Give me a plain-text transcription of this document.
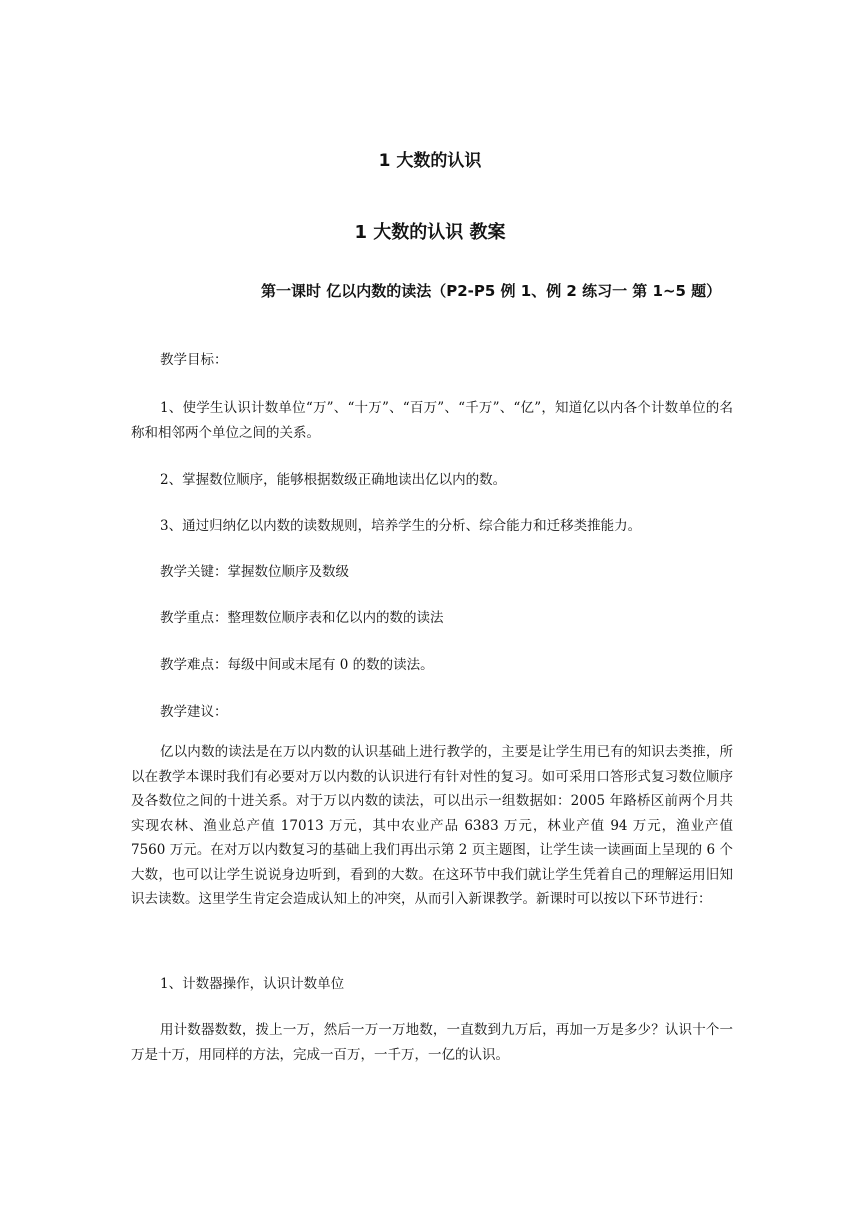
1 大数的认识
1 大数的认识 教案

第一课时 亿以内数的读法（P2-P5 例 1、例 2 练习一 第 1~5 题）

教学目标：

1、使学生认识计数单位“万”、“十万”、“百万”、“千万”、“亿”，知道亿以内各个计数单位的名称和相邻两个单位之间的关系。

2、掌握数位顺序，能够根据数级正确地读出亿以内的数。

3、通过归纳亿以内数的读数规则，培养学生的分析、综合能力和迁移类推能力。

教学关键：掌握数位顺序及数级

教学重点：整理数位顺序表和亿以内的数的读法

教学难点：每级中间或末尾有 0 的数的读法。

教学建议：

亿以内数的读法是在万以内数的认识基础上进行教学的，主要是让学生用已有的知识去类推，所以在教学本课时我们有必要对万以内数的认识进行有针对性的复习。如可采用口答形式复习数位顺序及各数位之间的十进关系。对于万以内数的读法，可以出示一组数据如：2005 年路桥区前两个月共实现农林、渔业总产值 17013 万元，其中农业产品 6383 万元，林业产值 94 万元，渔业产值 7560 万元。在对万以内数复习的基础上我们再出示第 2 页主题图，让学生读一读画面上呈现的 6 个大数，也可以让学生说说身边听到，看到的大数。在这环节中我们就让学生凭着自己的理解运用旧知识去读数。这里学生肯定会造成认知上的冲突，从而引入新课教学。新课时可以按以下环节进行：

1、计数器操作，认识计数单位

用计数器数数，拨上一万，然后一万一万地数，一直数到九万后，再加一万是多少？认识十个一万是十万，用同样的方法，完成一百万，一千万，一亿的认识。
